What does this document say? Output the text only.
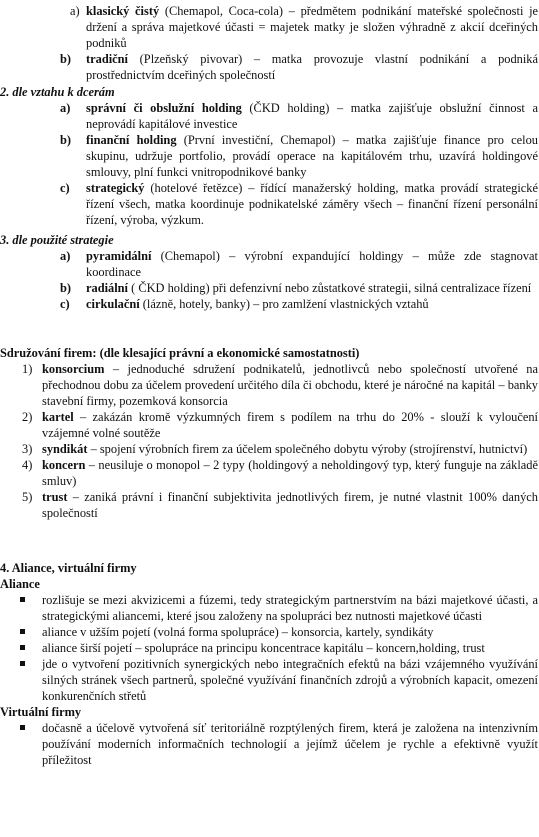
a) klasický čistý (Chemapol, Coca-cola) – předmětem podnikání mateřské společnosti je držení a správa majetkové účasti = majetek matky je složen výhradně z akcií dceřiných podniků
b) tradiční (Plzeňský pivovar) – matka provozuje vlastní podnikání a podniká prostřednictvím dceřiných společností
2. dle vztahu k dcerám
a) správní či obslužní holding (ČKD holding) – matka zajišťuje obslužní činnost a neprovádí kapitálové investice
b) finanční holding (První investiční, Chemapol) – matka zajišťuje finance pro celou skupinu, udržuje portfolio, provádí operace na kapitálovém trhu, uzavírá holdingové smlouvy, plní funkci vnitropodnikové banky
c) strategický (hotelové řetězce) – řídící manažerský holding, matka provádí strategické řízení všech, matka koordinuje podnikatelské záměry všech – finanční řízení personální řízení, výroba, výzkum.
3. dle použité strategie
a) pyramidální (Chemapol) – výrobní expandující holdingy – může zde stagnovat koordinace
b) radiální ( ČKD holding) při defenzivní nebo zůstatkové strategii, silná centralizace řízení
c) cirkulační (lázně, hotely, banky) – pro zamlžení vlastnických vztahů
Sdružování firem: (dle klesající právní a ekonomické samostatnosti)
1) konsorcium – jednoduché sdružení podnikatelů, jednotlivců nebo společností utvořené na přechodnou dobu za účelem provedení určitého díla či obchodu, které je náročné na kapitál – banky stavební firmy, pozemková konsorcia
2) kartel – zakázán kromě výzkumných firem s podílem na trhu do 20% - slouží k vyloučení vzájemné volné soutěže
3) syndikát – spojení výrobních firem za účelem společného dobytu výroby (strojírenství, hutnictví)
4) koncern – neusiluje o monopol – 2 typy (holdingový a neholdingový typ, který funguje na základě smluv)
5) trust – zaniká právní i finanční subjektivita jednotlivých firem, je nutné vlastnit 100% daných společností
4. Aliance, virtuální firmy
Aliance
rozlišuje se mezi akvizicemi a fúzemi, tedy strategickým partnerstvím na bázi majetkové účasti, a strategickými aliancemi, které jsou založeny na spolupráci bez nutnosti majetkové účasti
aliance v užším pojetí (volná forma spolupráce) – konsorcia, kartely, syndikáty
aliance širší pojetí – spolupráce na principu koncentrace kapitálu – koncern,holding, trust
jde o vytvoření pozitivních synergických nebo integračních efektů na bázi vzájemného využívání silných stránek všech partnerů, společné využívání finančních zdrojů a výrobních kapacit, omezení konkurenčních střetů
Virtuální firmy
dočasně a účelově vytvořená síť teritoriálně rozptýlených firem, která je založena na intenzivním používání moderních informačních technologií a jejímž účelem je rychle a efektivně využít příležitost
